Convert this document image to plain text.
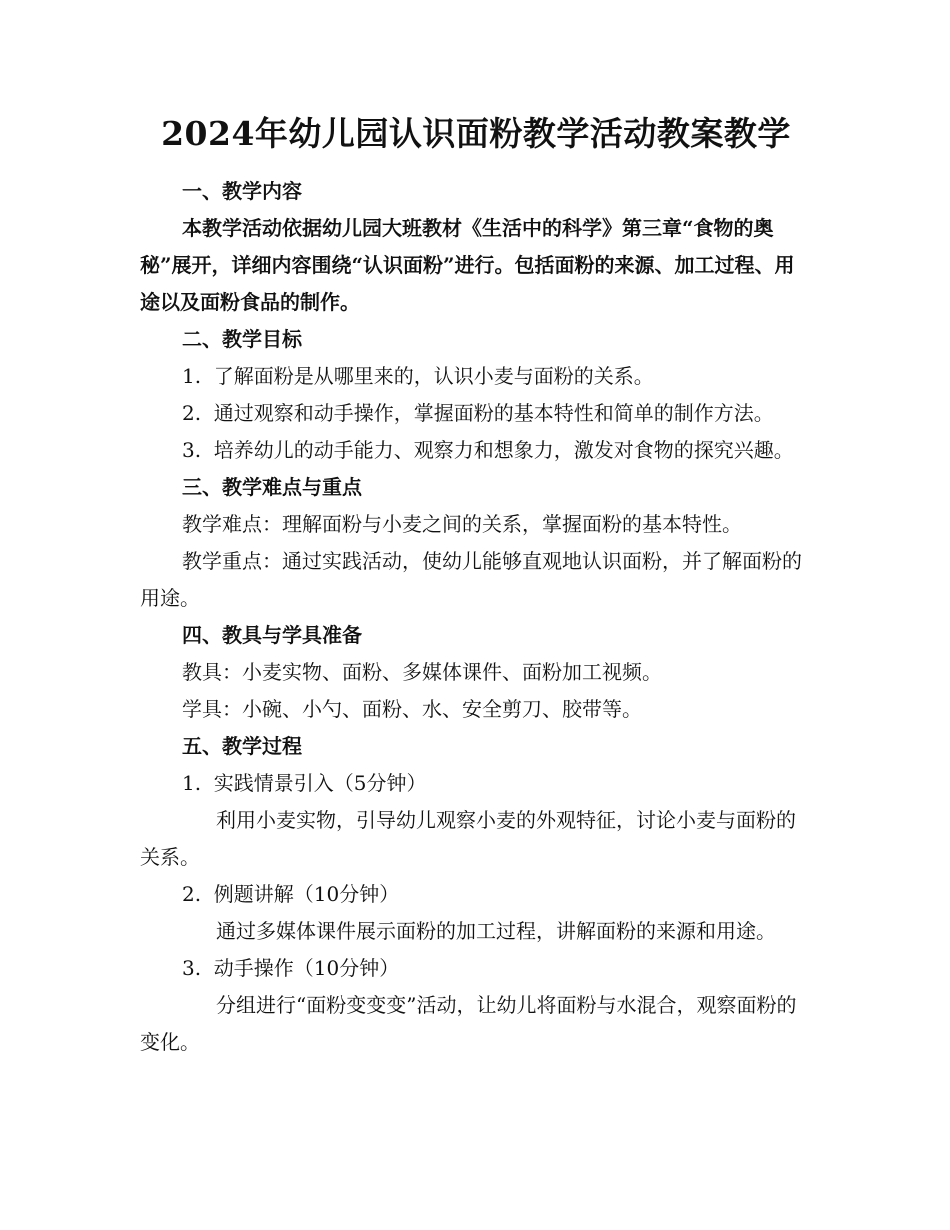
2024年幼儿园认识面粉教学活动教案教学

一、教学内容

本教学活动依据幼儿园大班教材《生活中的科学》第三章“食物的奥秘”展开，详细内容围绕“认识面粉”进行。包括面粉的来源、加工过程、用途以及面粉食品的制作。

二、教学目标

1.  了解面粉是从哪里来的，认识小麦与面粉的关系。

2.  通过观察和动手操作，掌握面粉的基本特性和简单的制作方法。

3.  培养幼儿的动手能力、观察力和想象力，激发对食物的探究兴趣。

三、教学难点与重点

教学难点：理解面粉与小麦之间的关系，掌握面粉的基本特性。

教学重点：通过实践活动，使幼儿能够直观地认识面粉，并了解面粉的用途。

四、教具与学具准备

教具：小麦实物、面粉、多媒体课件、面粉加工视频。

学具：小碗、小勺、面粉、水、安全剪刀、胶带等。

五、教学过程

1.  实践情景引入（5分钟）

利用小麦实物，引导幼儿观察小麦的外观特征，讨论小麦与面粉的关系。

2.  例题讲解（10分钟）

通过多媒体课件展示面粉的加工过程，讲解面粉的来源和用途。

3.  动手操作（10分钟）

分组进行“面粉变变变”活动，让幼儿将面粉与水混合，观察面粉的变化。
